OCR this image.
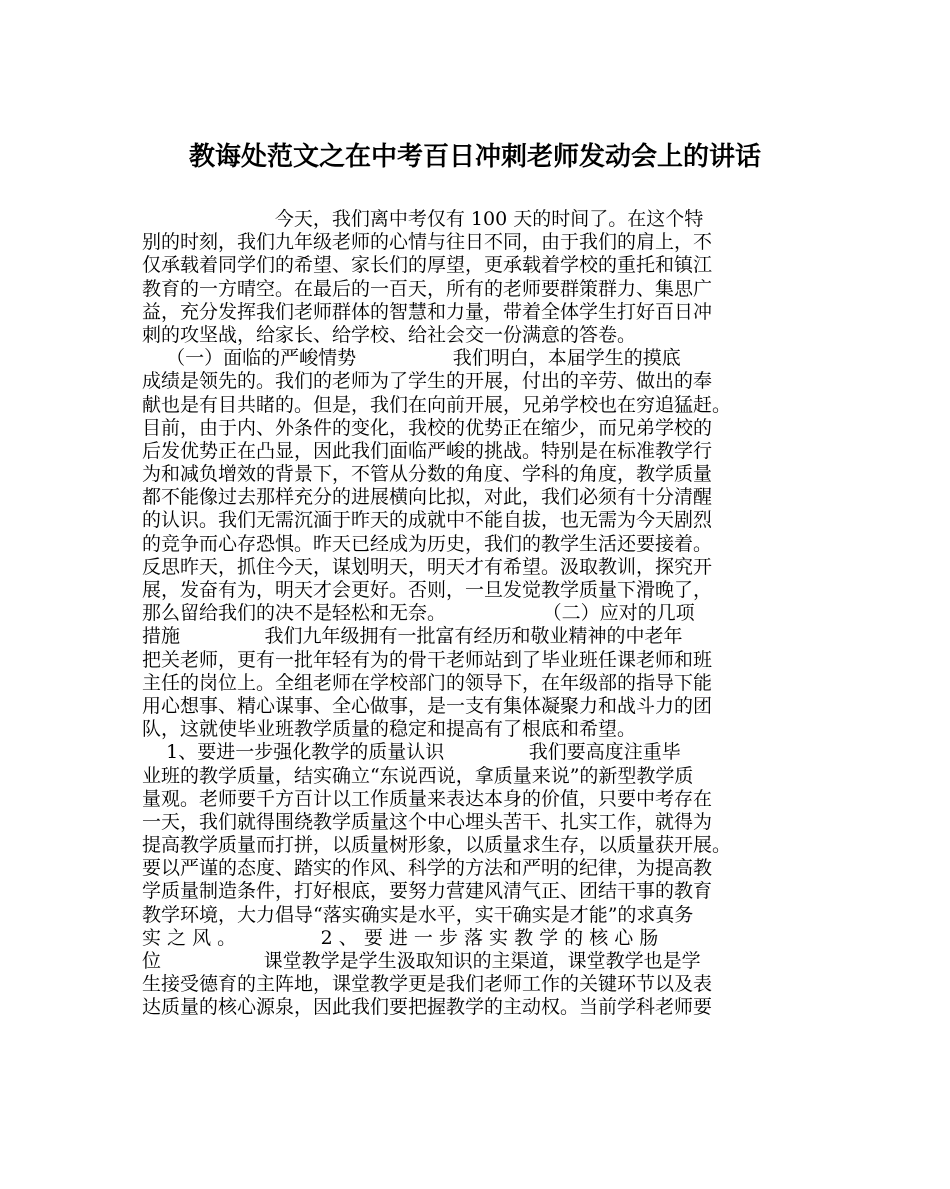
教诲处范文之在中考百日冲刺老师发动会上的讲话
今天，我们离中考仅有 100 天的时间了。在这个特
别的时刻，我们九年级老师的心情与往日不同，由于我们的肩上，不
仅承载着同学们的希望、家长们的厚望，更承载着学校的重托和镇江
教育的一方晴空。在最后的一百天，所有的老师要群策群力、集思广
益，充分发挥我们老师群体的智慧和力量，带着全体学生打好百日冲
刺的攻坚战，给家长、给学校、给社会交一份满意的答卷。
（一）面临的严峻情势                我们明白，本届学生的摸底
成绩是领先的。我们的老师为了学生的开展，付出的辛劳、做出的奉
献也是有目共睹的。但是，我们在向前开展，兄弟学校也在穷追猛赶。
目前，由于内、外条件的变化，我校的优势正在缩少，而兄弟学校的
后发优势正在凸显，因此我们面临严峻的挑战。特别是在标准教学行
为和减负增效的背景下，不管从分数的角度、学科的角度，教学质量
都不能像过去那样充分的进展横向比拟，对此，我们必须有十分清醒
的认识。我们无需沉湎于昨天的成就中不能自拔，也无需为今天剧烈
的竞争而心存恐惧。昨天已经成为历史，我们的教学生活还要接着。
反思昨天，抓住今天，谋划明天，明天才有希望。汲取教训，探究开
展，发奋有为，明天才会更好。否则，一旦发觉教学质量下滑晚了，
那么留给我们的决不是轻松和无奈。                （二）应对的几项
措施              我们九年级拥有一批富有经历和敬业精神的中老年
把关老师，更有一批年轻有为的骨干老师站到了毕业班任课老师和班
主任的岗位上。全组老师在学校部门的领导下，在年级部的指导下能
用心想事、精心谋事、全心做事，是一支有集体凝聚力和战斗力的团
队，这就使毕业班教学质量的稳定和提高有了根底和希望。
1、要进一步强化教学的质量认识              我们要高度注重毕
业班的教学质量，结实确立“东说西说，拿质量来说”的新型教学质
量观。老师要千方百计以工作质量来表达本身的价值，只要中考存在
一天，我们就得围绕教学质量这个中心埋头苦干、扎实工作，就得为
提高教学质量而打拼，以质量树形象，以质量求生存，以质量获开展。
要以严谨的态度、踏实的作风、科学的方法和严明的纪律，为提高教
学质量制造条件，打好根底，要努力营建风清气正、团结干事的教育
教学环境，大力倡导“落实确实是水平，实干确实是才能”的求真务
实 之 风 。              2 、 要 进 一 步 落 实 教 学 的 核 心 肠
位                 课堂教学是学生汲取知识的主渠道，课堂教学也是学
生接受德育的主阵地，课堂教学更是我们老师工作的关键环节以及表
达质量的核心源泉，因此我们要把握教学的主动权。当前学科老师要
